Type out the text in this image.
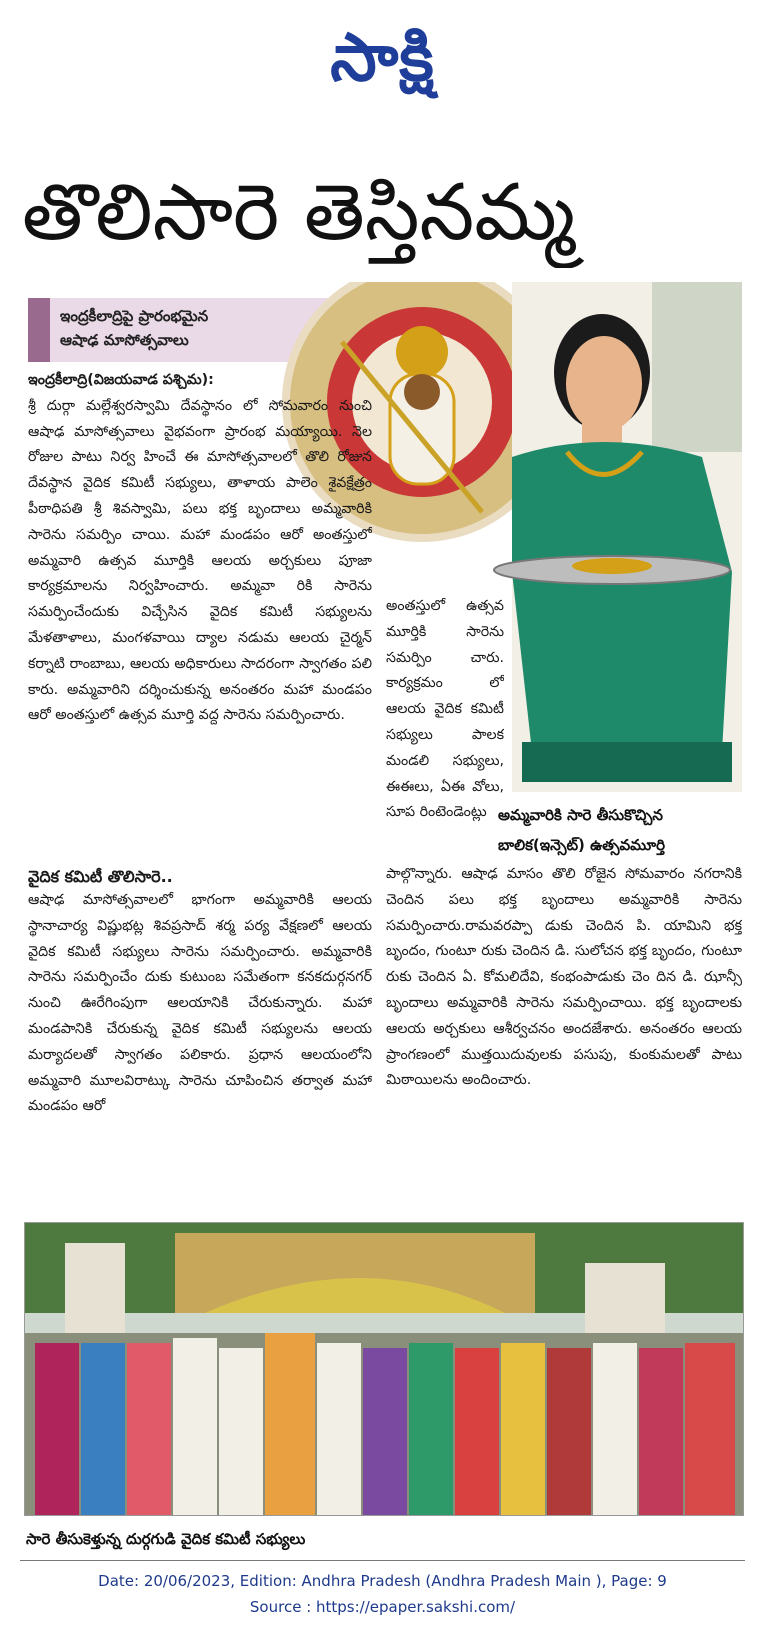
సాక్షి
తొలిసారె తెస్తినమ్మ
ఇంద్రకీలాద్రిపై ప్రారంభమైన
ఆషాఢ మాసోత్సవాలు

ఇంద్రకీలాద్రి(విజయవాడ పశ్చిమ):

శ్రీ దుర్గా మల్లేశ్వరస్వామి దేవస్థానం లో సోమవారం నుంచి ఆషాఢ మాసోత్సవాలు వైభవంగా ప్రారంభ మయ్యాయి. నెల రోజుల పాటు నిర్వ హించే ఈ మాసోత్సవాలలో తొలి రోజున దేవస్థాన వైదిక కమిటీ సభ్యులు, తాళాయ పాలెం శైవక్షేత్రం పీఠాధిపతి శ్రీ శివస్వామి, పలు భక్త బృందాలు అమ్మవారికి సారెను సమర్పిం చాయి. మహా మండపం ఆరో అంతస్తులో అమ్మవారి ఉత్సవ మూర్తికి ఆలయ అర్చకులు పూజా కార్యక్రమాలను నిర్వహించారు. అమ్మవా రికి సారెను సమర్పించేందుకు విచ్చేసిన వైదిక కమిటీ సభ్యులను మేళతాళాలు, మంగళవాయి ద్యాల నడుమ ఆలయ చైర్మన్ కర్నాటి రాంబాబు, ఆలయ అధికారులు సాదరంగా స్వాగతం పలి కారు. అమ్మవారిని దర్శించుకున్న అనంతరం మహా మండపం ఆరో అంతస్తులో ఉత్సవ మూర్తి వద్ద సారెను సమర్పించారు.

వైదిక కమిటీ తొలిసారె..

ఆషాఢ మాసోత్సవాలలో భాగంగా అమ్మవారికి ఆలయ స్థానాచార్య విష్ణుభట్ల శివప్రసాద్ శర్మ పర్య వేక్షణలో ఆలయ వైదిక కమిటీ సభ్యులు సారెను సమర్పించారు. అమ్మవారికి సారెను సమర్పించేం దుకు కుటుంబ సమేతంగా కనకదుర్గనగర్ నుంచి ఊరేగింపుగా ఆలయానికి చేరుకున్నారు. మహా మండపానికి చేరుకున్న వైదిక కమిటీ సభ్యులను ఆలయ మర్యాదలతో స్వాగతం పలికారు. ప్రధాన ఆలయంలోని అమ్మవారి మూలవిరాట్కు సారెను చూపించిన తర్వాత మహా మండపం ఆరో

అంతస్తులో ఉత్సవ మూర్తికి సారెను సమర్పిం చారు. కార్యక్రమం లో ఆలయ వైదిక కమిటీ సభ్యులు పాలక మండలి సభ్యులు, ఈఈలు, ఏఈ వోలు, సూప రింటెండెంట్లు అమ్మవారికి సారె తీసుకొచ్చిన
బాలిక(ఇన్సెట్) ఉత్సవమూర్తి

పాల్గొన్నారు. ఆషాఢ మాసం తొలి రోజైన సోమవారం నగరానికి చెందిన పలు భక్త బృందాలు అమ్మవారికి సారెను సమర్పించారు.రామవరప్పా డుకు చెందిన పి. యామిని భక్త బృందం, గుంటూ రుకు చెందిన డి. సులోచన భక్త బృందం, గుంటూ రుకు చెందిన ఏ. కోమలిదేవి, కంభంపాడుకు చెం దిన డి. ఝాన్సీ బృందాలు అమ్మవారికి సారెను సమర్పించాయి. భక్త బృందాలకు ఆలయ అర్చకులు ఆశీర్వచనం అందజేశారు. అనంతరం ఆలయ ప్రాంగణంలో ముత్తయిదువులకు పసుపు, కుంకుమలతో పాటు మిఠాయిలను అందించారు.

సారె తీసుకెళ్తున్న దుర్గగుడి వైదిక కమిటీ సభ్యులు
Date: 20/06/2023, Edition: Andhra Pradesh (Andhra Pradesh Main ), Page: 9
Source : https://epaper.sakshi.com/
